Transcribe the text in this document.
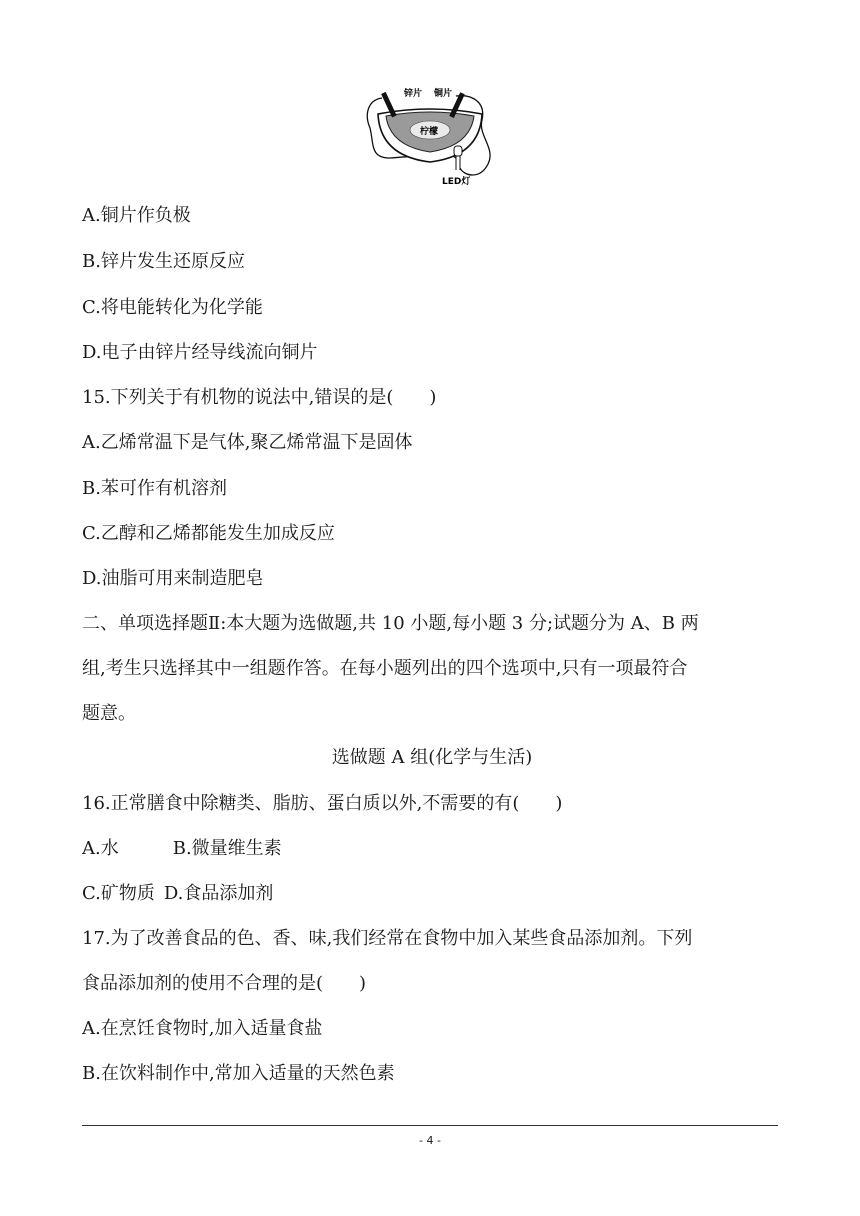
锌片 铜片
柠檬
LED灯
A.铜片作负极
B.锌片发生还原反应
C.将电能转化为化学能
D.电子由锌片经导线流向铜片
15.下列关于有机物的说法中,错误的是(　　)
A.乙烯常温下是气体,聚乙烯常温下是固体
B.苯可作有机溶剂
C.乙醇和乙烯都能发生加成反应
D.油脂可用来制造肥皂
二、单项选择题Ⅱ:本大题为选做题,共 10 小题,每小题 3 分;试题分为 A、B 两
组,考生只选择其中一组题作答。在每小题列出的四个选项中,只有一项最符合
题意。
选做题 A 组(化学与生活)
16.正常膳食中除糖类、脂肪、蛋白质以外,不需要的有(　　)
A.水　　　B.微量维生素
C.矿物质 D.食品添加剂
17.为了改善食品的色、香、味,我们经常在食物中加入某些食品添加剂。下列
食品添加剂的使用不合理的是(　　)
A.在烹饪食物时,加入适量食盐
B.在饮料制作中,常加入适量的天然色素
- 4 -
